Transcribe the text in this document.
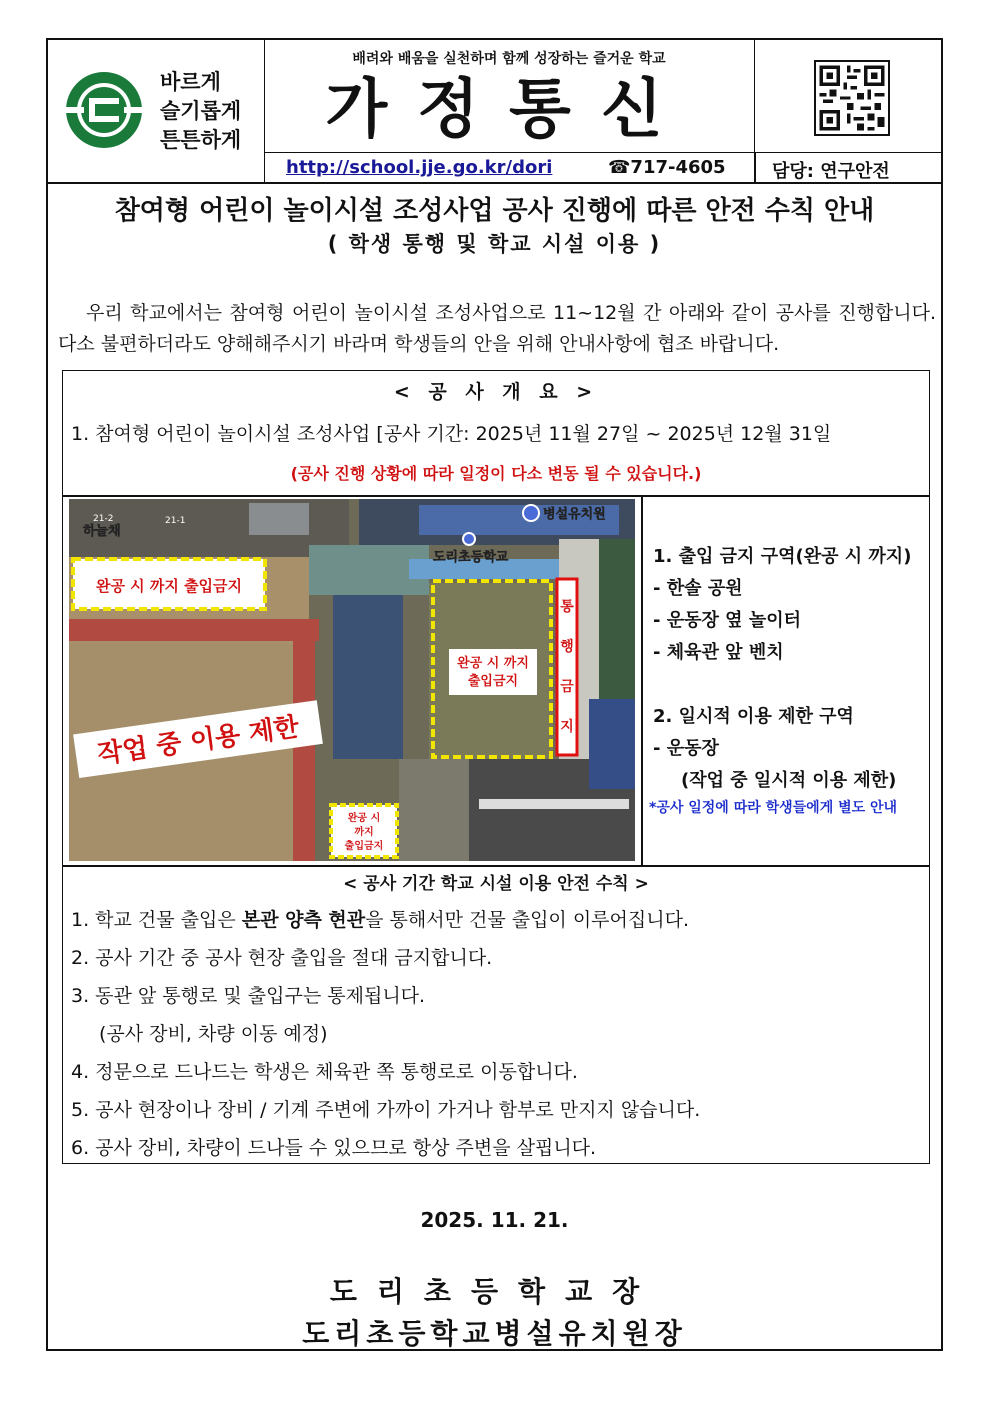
바르게
슬기롭게
튼튼하게
배려와 배움을 실천하며 함께 성장하는 즐거운 학교
가정통신
http://school.jje.go.kr/dori	☎717-4605	담당: 연구안전
참여형 어린이 놀이시설 조성사업 공사 진행에 따른 안전 수칙 안내
( 학생 통행 및 학교 시설 이용 )
우리 학교에서는 참여형 어린이 놀이시설 조성사업으로 11~12월 간 아래와 같이 공사를 진행합니다. 다소 불편하더라도 양해해주시기 바라며 학생들의 안을 위해 안내사항에 협조 바랍니다.
< 공 사 개 요 >
1. 참여형 어린이 놀이시설 조성사업 [공사 기간: 2025년 11월 27일 ~ 2025년 12월 31일
(공사 진행 상황에 따라 일정이 다소 변동 될 수 있습니다.)
완공 시 까지 출입금지
완공 시 까지
출입금지
통
행
금
지
완공 시
까지
출입금지
작업 중 이용 제한
병설유치원
도리초등학교
하늘채
21-2	21-1
1. 출입 금지 구역(완공 시 까지)
- 한솔 공원
- 운동장 옆 놀이터
- 체육관 앞 벤치

2. 일시적 이용 제한 구역
- 운동장
(작업 중 일시적 이용 제한)
*공사 일정에 따라 학생들에게 별도 안내
< 공사 기간 학교 시설 이용 안전 수칙 >
1. 학교 건물 출입은 본관 양측 현관을 통해서만 건물 출입이 이루어집니다.
2. 공사 기간 중 공사 현장 출입을 절대 금지합니다.
3. 동관 앞 통행로 및 출입구는 통제됩니다.
(공사 장비, 차량 이동 예정)
4. 정문으로 드나드는 학생은 체육관 쪽 통행로로 이동합니다.
5. 공사 현장이나 장비 / 기계 주변에 가까이 가거나 함부로 만지지 않습니다.
6. 공사 장비, 차량이 드나들 수 있으므로 항상 주변을 살핍니다.
2025. 11. 21.
도리초등학교장
도리초등학교병설유치원장
